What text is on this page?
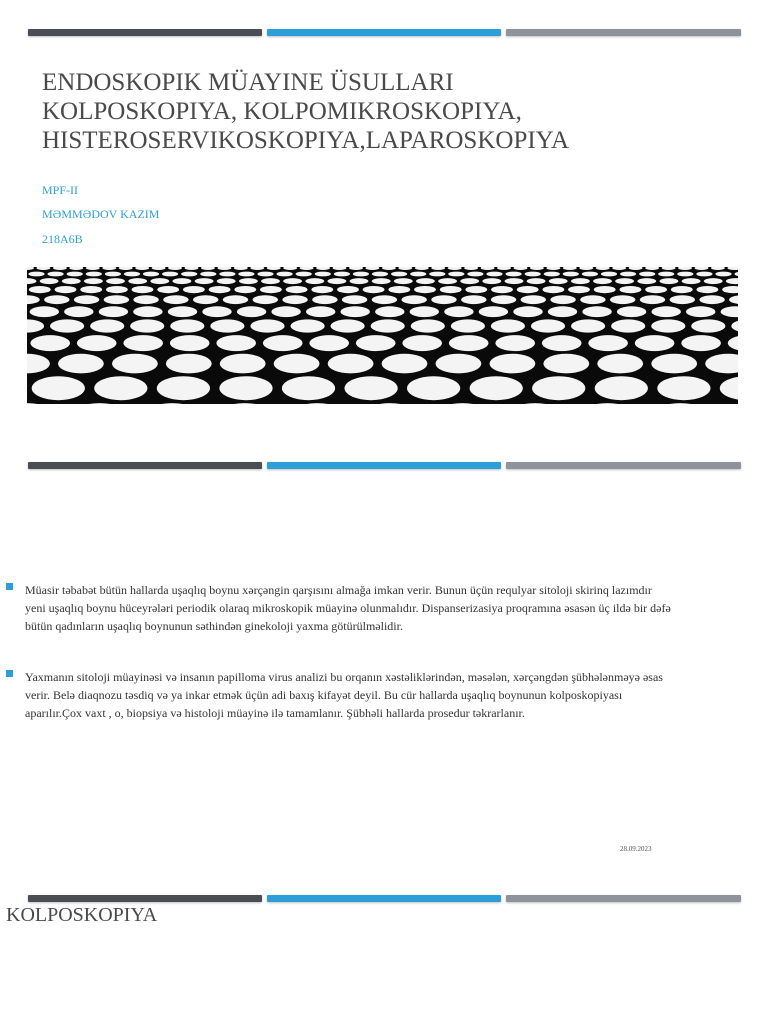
ENDOSKOPIK MÜAYINE ÜSULLARI
KOLPOSKOPIYA, KOLPOMIKROSKOPIYA,
HISTEROSERVIKOSKOPIYA,LAPAROSKOPIYA
MPF-II
MƏMMƏDOV KAZIM
218A6B
Müasir təbabət bütün hallarda uşaqlıq boynu xərçəngin qarşısını almağa imkan verir. Bunun üçün requlyar sitoloji skirinq lazımdır
yeni uşaqlıq boynu hüceyrələri periodik olaraq mikroskopik müayinə olunmalıdır. Dispanserizasiya proqramına əsasən üç ildə bir dəfə
bütün qadınların uşaqlıq boynunun səthindən ginekoloji yaxma götürülməlidir.
Yaxmanın sitoloji müayinəsi və insanın papilloma virus analizi bu orqanın xəstəliklərindən, məsələn, xərçəngdən şübhələnməyə əsas
verir. Belə diaqnozu təsdiq və ya inkar etmək üçün adi baxış kifayət deyil. Bu cür hallarda uşaqlıq boynunun kolposkopiyası
aparılır.Çox vaxt , o, biopsiya və histoloji müayinə ilə tamamlanır. Şübhəli hallarda prosedur təkrarlanır.
28.09.2023
KOLPOSKOPIYA
